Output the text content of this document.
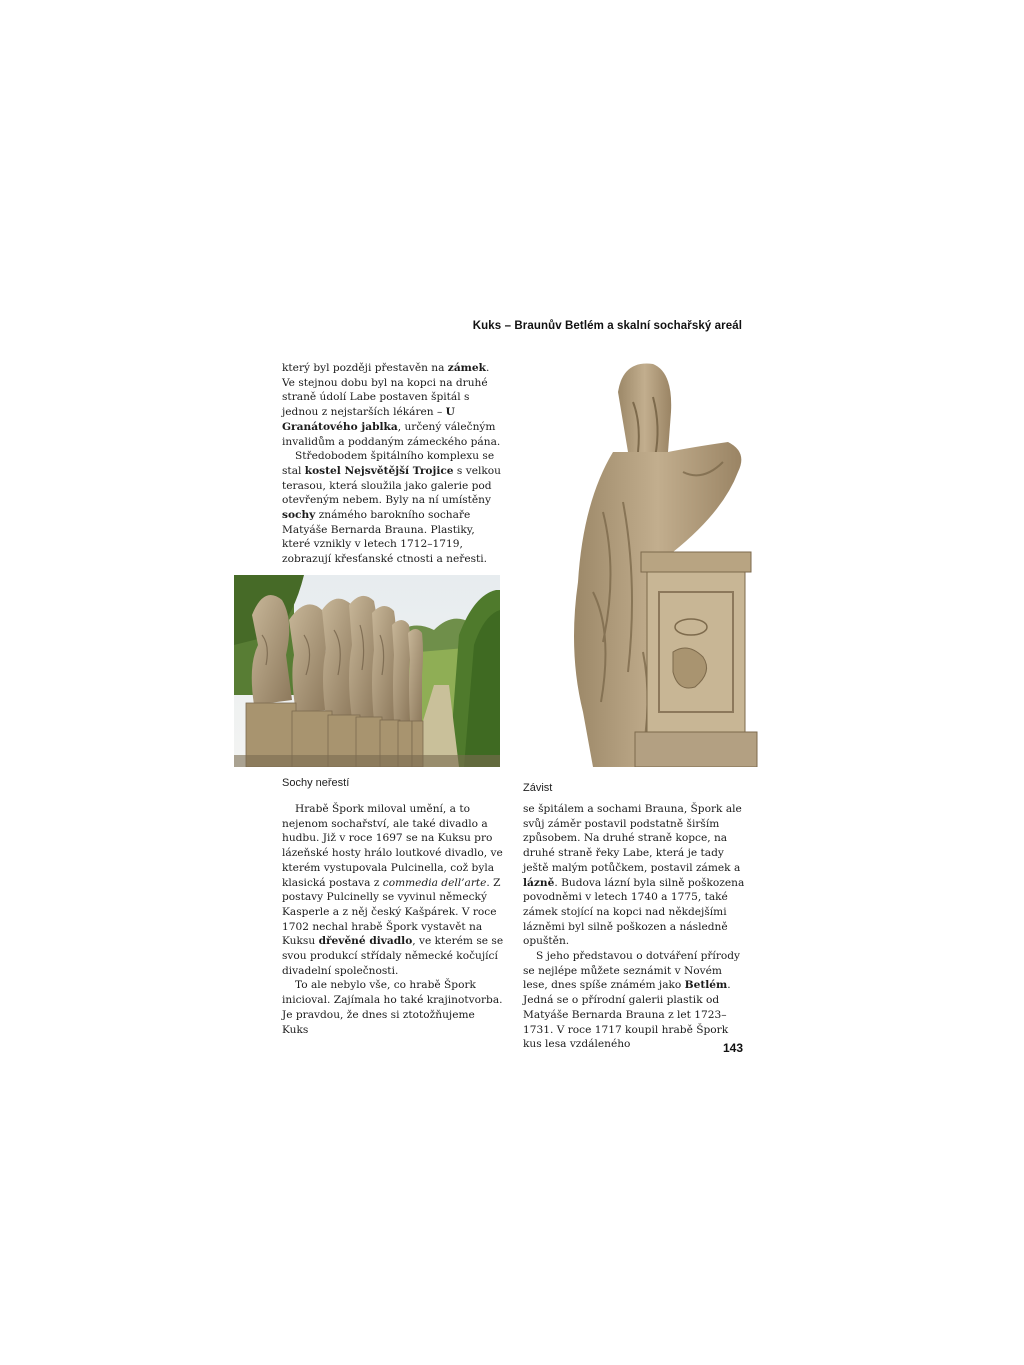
Kuks – Braunův Betlém a skalní sochařský areál

který byl později přestavěn na zámek. Ve stejnou dobu byl na kopci na druhé straně údolí Labe postaven špitál s jednou z nejstarších lékáren – U Granátového jablka, určený válečným invalidům a poddaným zámeckého pána.

Středobodem špitálního komplexu se stal kostel Nejsvětější Trojice s velkou terasou, která sloužila jako galerie pod otevřeným nebem. Byly na ní umístěny sochy známého barokního sochaře Matyáše Bernarda Brauna. Plastiky, které vznikly v letech 1712–1719, zobrazují křesťanské ctnosti a neřesti.

Sochy neřestí	Závist

Hrabě Špork miloval umění, a to nejenom sochařství, ale také divadlo a hudbu. Již v roce 1697 se na Kuksu pro lázeňské hosty hrálo loutkové divadlo, ve kterém vystupovala Pulcinella, což byla klasická postava z commedia dell’arte. Z postavy Pulcinelly se vyvinul německý Kasperle a z něj český Kašpárek. V roce 1702 nechal hrabě Špork vystavět na Kuksu dřevěné divadlo, ve kterém se se svou produkcí střídaly německé kočující divadelní společnosti.

To ale nebylo vše, co hrabě Špork inicioval. Zajímala ho také krajinotvorba. Je pravdou, že dnes si ztotožňujeme Kuks

se špitálem a sochami Brauna, Špork ale svůj záměr postavil podstatně širším způsobem. Na druhé straně kopce, na druhé straně řeky Labe, která je tady ještě malým potůčkem, postavil zámek a lázně. Budova lázní byla silně poškozena povodněmi v letech 1740 a 1775, také zámek stojící na kopci nad někdejšími lázněmi byl silně poškozen a následně opuštěn.

S jeho představou o dotváření přírody se nejlépe můžete seznámit v Novém lese, dnes spíše známém jako Betlém. Jedná se o přírodní galerii plastik od Matyáše Bernarda Brauna z let 1723–1731. V roce 1717 koupil hrabě Špork kus lesa vzdáleného	143
